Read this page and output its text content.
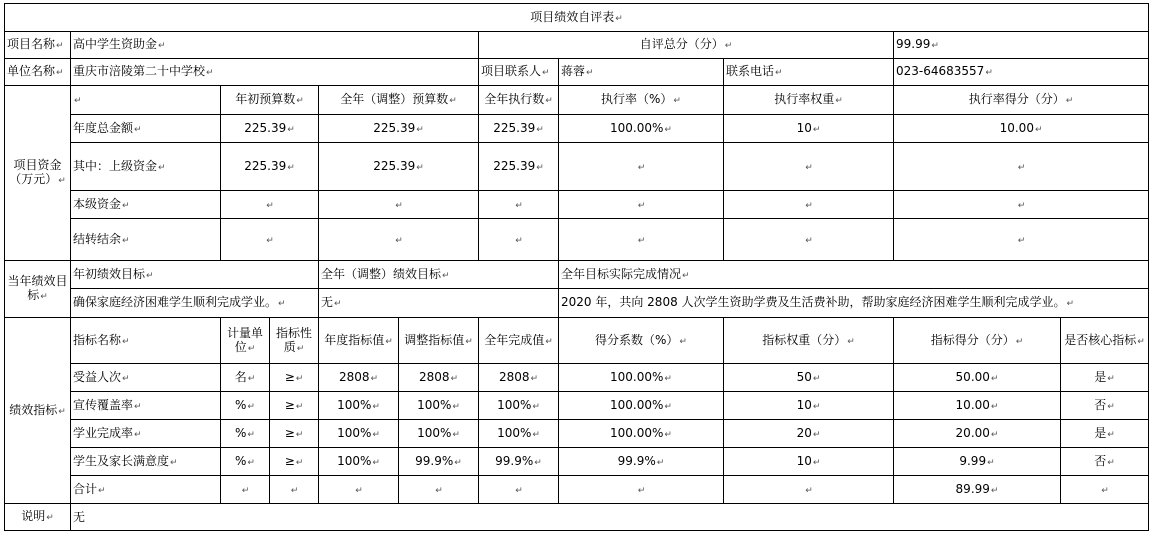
项目绩效自评表↵										
项目名称↵	高中学生资助金↵					自评总分（分）↵			99.99↵	
单位名称↵	重庆市涪陵第二十中学校↵					项目联系人↵	蒋蓉↵	联系电话↵	023-64683557↵	
项目资金（万元）↵	↵	年初预算数↵		全年（调整）预算数↵		全年执行数↵	执行率（%）↵	执行率权重↵	执行率得分（分）↵	
	年度总金额↵	225.39↵		225.39↵		225.39↵	100.00%↵	10↵	10.00↵	
	其中：上级资金↵	225.39↵		225.39↵		225.39↵	↵	↵	↵	
	本级资金↵	↵		↵		↵	↵	↵	↵	
	结转结余↵	↵		↵		↵	↵	↵	↵	
当年绩效目标↵	年初绩效目标↵			全年（调整）绩效目标↵			全年目标实际完成情况↵			
	确保家庭经济困难学生顺利完成学业。↵			无↵			2020 年，共向 2808 人次学生资助学费及生活费补助，帮助家庭经济困难学生顺利完成学业。↵			
绩效指标↵	指标名称↵	计量单位↵	指标性质↵	年度指标值↵	调整指标值↵	全年完成值↵	得分系数（%）↵	指标权重（分）↵	指标得分（分）↵	是否核心指标↵
	受益人次↵	名↵	≥↵	2808↵	2808↵	2808↵	100.00%↵	50↵	50.00↵	是↵
	宣传覆盖率↵	%↵	≥↵	100%↵	100%↵	100%↵	100.00%↵	10↵	10.00↵	否↵
	学业完成率↵	%↵	≥↵	100%↵	100%↵	100%↵	100.00%↵	20↵	20.00↵	是↵
	学生及家长满意度↵	%↵	≥↵	100%↵	99.9%↵	99.9%↵	99.9%↵	10↵	9.99↵	否↵
	合计↵	↵	↵	↵	↵	↵	↵	↵	89.99↵	↵
说明↵	无									
